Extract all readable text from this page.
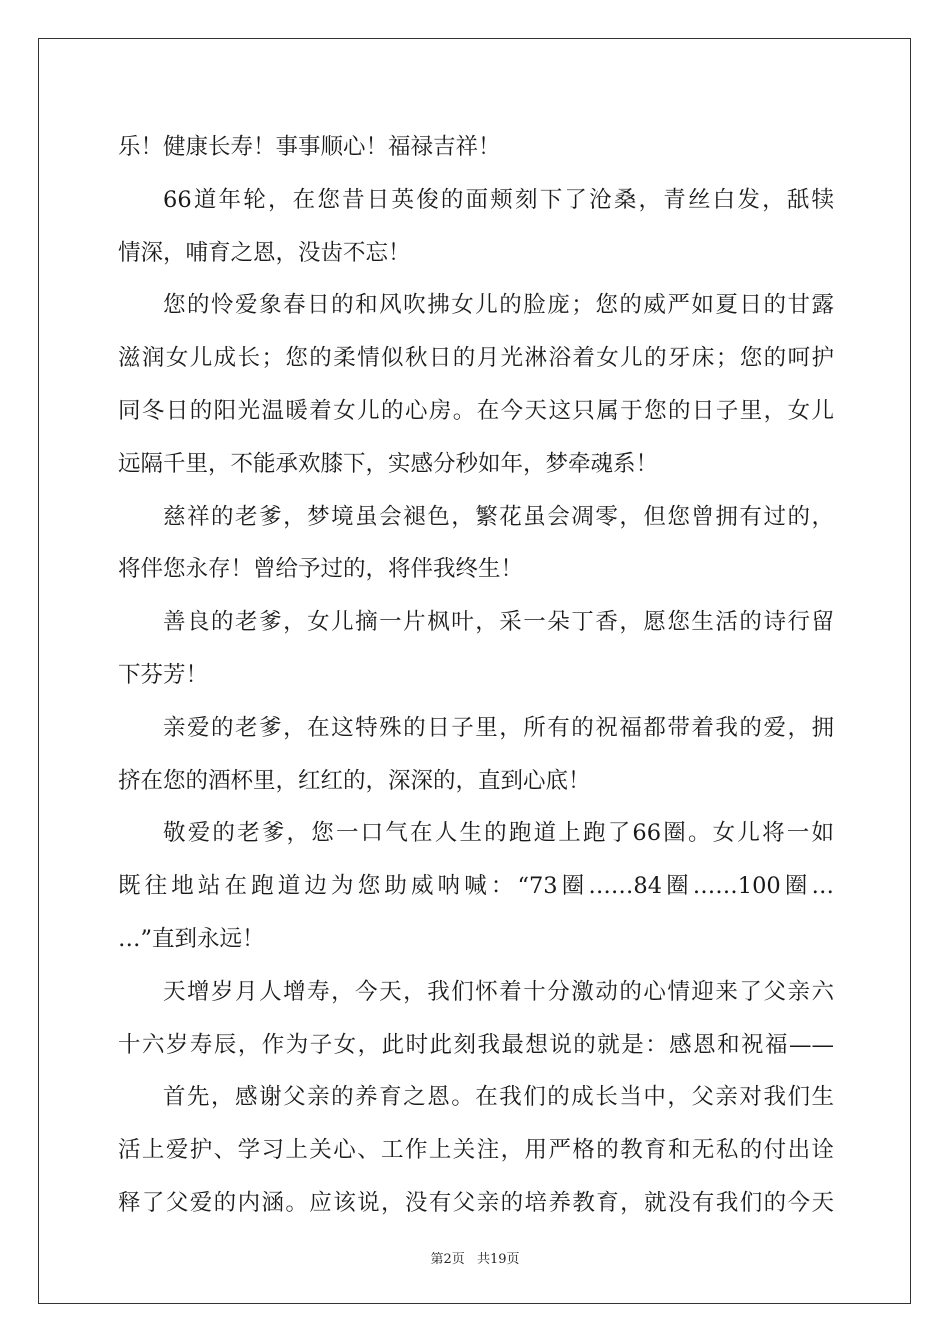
乐！健康长寿！事事顺心！福禄吉祥！
66道年轮，在您昔日英俊的面颊刻下了沧桑，青丝白发，舐犊
情深，哺育之恩，没齿不忘！
您的怜爱象春日的和风吹拂女儿的脸庞；您的威严如夏日的甘露
滋润女儿成长；您的柔情似秋日的月光淋浴着女儿的牙床；您的呵护
同冬日的阳光温暖着女儿的心房。在今天这只属于您的日子里，女儿
远隔千里，不能承欢膝下，实感分秒如年，梦牵魂系！
慈祥的老爹，梦境虽会褪色，繁花虽会凋零，但您曾拥有过的，
将伴您永存！曾给予过的，将伴我终生！
善良的老爹，女儿摘一片枫叶，采一朵丁香，愿您生活的诗行留
下芬芳！
亲爱的老爹，在这特殊的日子里，所有的祝福都带着我的爱，拥
挤在您的酒杯里，红红的，深深的，直到心底！
敬爱的老爹，您一口气在人生的跑道上跑了66圈。女儿将一如
既往地站在跑道边为您助威呐喊：“73圈……84圈……100圈…
…”直到永远！
天增岁月人增寿，今天，我们怀着十分激动的心情迎来了父亲六
十六岁寿辰，作为子女，此时此刻我最想说的就是：感恩和祝福——
首先，感谢父亲的养育之恩。在我们的成长当中，父亲对我们生
活上爱护、学习上关心、工作上关注，用严格的教育和无私的付出诠
释了父爱的内涵。应该说，没有父亲的培养教育，就没有我们的今天
第2页 共19页
